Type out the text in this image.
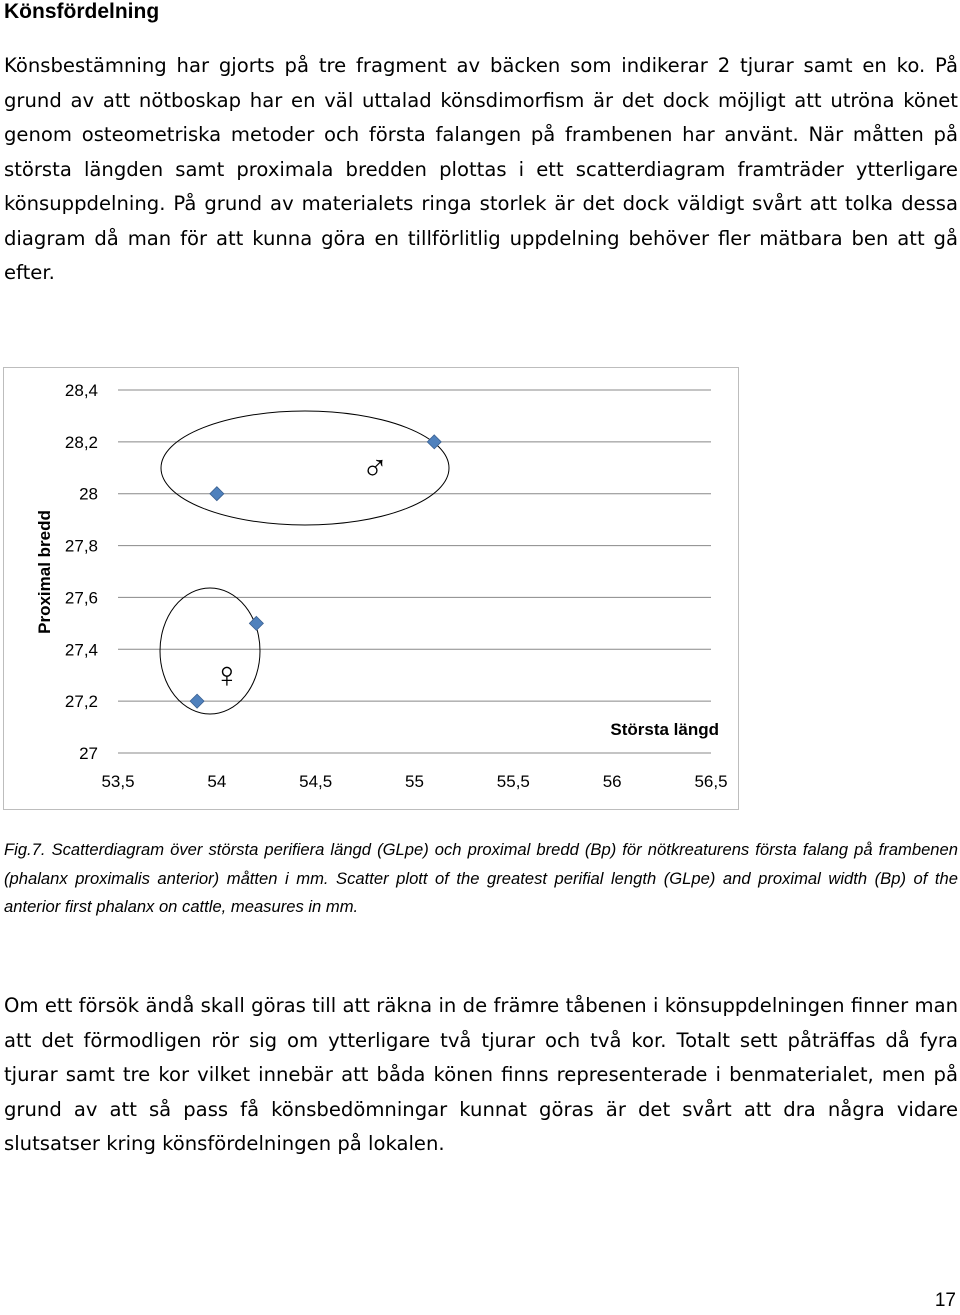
Könsfördelning
Könsbestämning har gjorts på tre fragment av bäcken som indikerar 2 tjurar samt en ko. På grund av att nötboskap har en väl uttalad könsdimorfism är det dock möjligt att utröna könet genom osteometriska metoder och första falangen på frambenen har använt. När måtten på största längden samt proximala bredden plottas i ett scatterdiagram framträder ytterligare könsuppdelning. På grund av materialets ringa storlek är det dock väldigt svårt att tolka dessa diagram då man för att kunna göra en tillförlitlig uppdelning behöver fler mätbara ben att gå efter.
27
27,2
27,4
27,6
27,8
28
28,2
28,4
53,5	54	54,5	55	55,5	56	56,5
♂
♀
Största längd
Proximal bredd
Fig.7. Scatterdiagram över största perifiera längd (GLpe) och proximal bredd (Bp) för nötkreaturens första falang på frambenen (phalanx proximalis anterior) måtten i mm. Scatter plott of the greatest perifial length (GLpe) and proximal width (Bp) of the anterior first phalanx on cattle, measures in mm.
Om ett försök ändå skall göras till att räkna in de främre tåbenen i könsuppdelningen finner man att det förmodligen rör sig om ytterligare två tjurar och två kor. Totalt sett påträffas då fyra tjurar samt tre kor vilket innebär att båda könen finns representerade i benmaterialet, men på grund av att så pass få könsbedömningar kunnat göras är det svårt att dra några vidare slutsatser kring könsfördelningen på lokalen.
17
